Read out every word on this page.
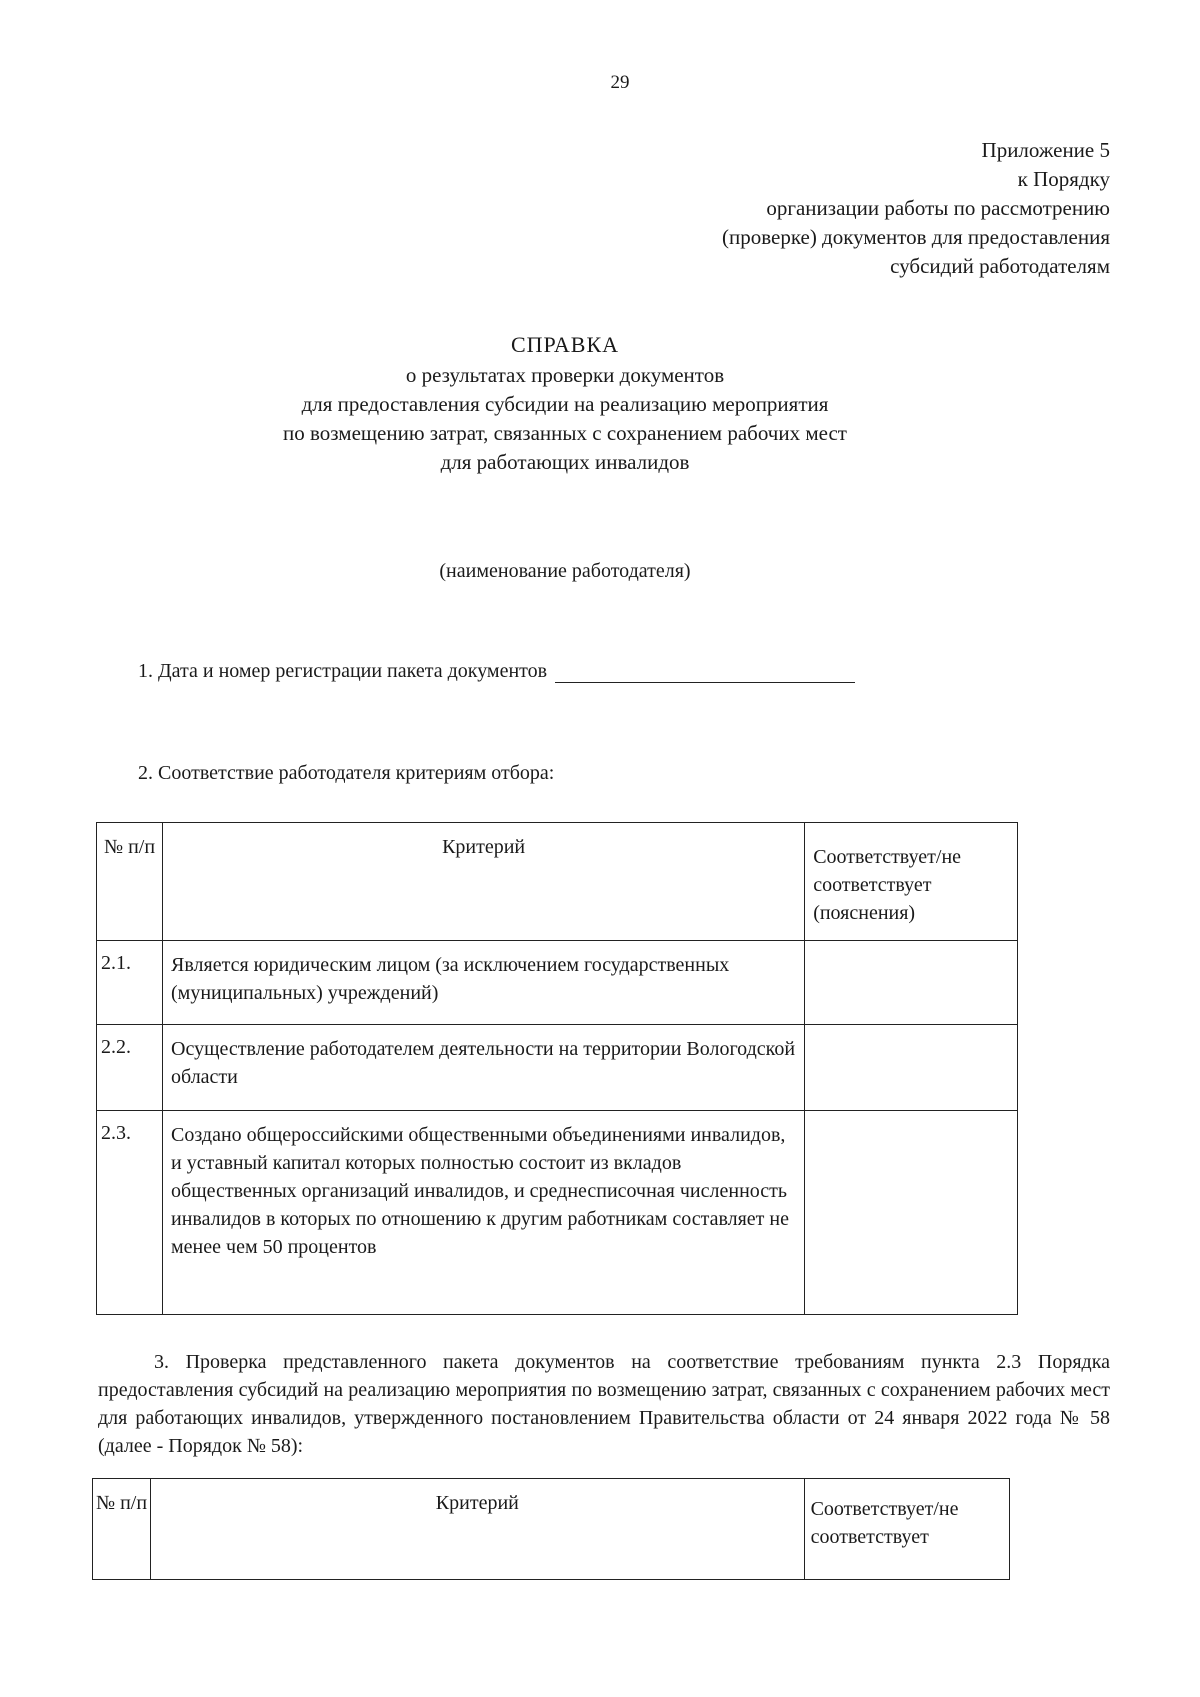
29
Приложение 5
к Порядку
организации работы по рассмотрению
(проверке) документов для предоставления
субсидий работодателям
СПРАВКА
о результатах проверки документов
для предоставления субсидии на реализацию мероприятия
по возмещению затрат, связанных с сохранением рабочих мест
для работающих инвалидов
(наименование работодателя)
1. Дата и номер регистрации пакета документов
2. Соответствие работодателя критериям отбора:
№ п/п	Критерий	Соответствует/не соответствует (пояснения)
2.1.	Является юридическим лицом (за исключением государственных (муниципальных) учреждений)	
2.2.	Осуществление работодателем деятельности на территории Вологодской области	
2.3.	Создано общероссийскими общественными объединениями инвалидов, и уставный капитал которых полностью состоит из вкладов общественных организаций инвалидов, и среднесписочная численность инвалидов в которых по отношению к другим работникам составляет не менее чем 50 процентов	
3. Проверка представленного пакета документов на соответствие требованиям пункта 2.3 Порядка предоставления субсидий на реализацию мероприятия по возмещению затрат, связанных с сохранением рабочих мест для работающих инвалидов, утвержденного постановлением Правительства области от 24 января 2022 года № 58 (далее - Порядок № 58):
№ п/п	Критерий	Соответствует/не соответствует
